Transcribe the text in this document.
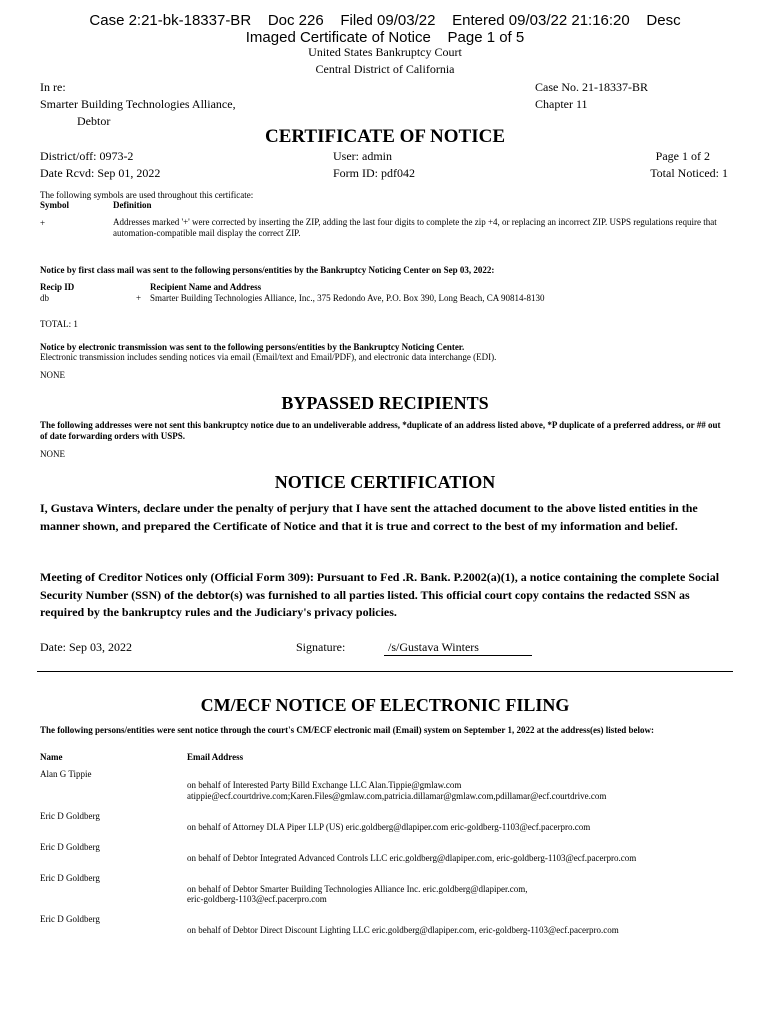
Case 2:21-bk-18337-BR    Doc 226    Filed 09/03/22    Entered 09/03/22 21:16:20    Desc
Imaged Certificate of Notice    Page 1 of 5
United States Bankruptcy Court
Central District of California
In re:
Smarter Building Technologies Alliance,
Debtor
Case No. 21-18337-BR
Chapter 11
CERTIFICATE OF NOTICE
District/off: 0973-2
Date Rcvd: Sep 01, 2022
User: admin
Form ID: pdf042
Page 1 of 2
Total Noticed: 1
The following symbols are used throughout this certificate:
Symbol	Definition
+	Addresses marked '+' were corrected by inserting the ZIP, adding the last four digits to complete the zip +4, or replacing an incorrect ZIP. USPS regulations require that automation-compatible mail display the correct ZIP.
Notice by first class mail was sent to the following persons/entities by the Bankruptcy Noticing Center on Sep 03, 2022:
Recip ID	Recipient Name and Address
db	+ Smarter Building Technologies Alliance, Inc., 375 Redondo Ave, P.O. Box 390, Long Beach, CA 90814-8130
TOTAL: 1
Notice by electronic transmission was sent to the following persons/entities by the Bankruptcy Noticing Center.
Electronic transmission includes sending notices via email (Email/text and Email/PDF), and electronic data interchange (EDI).
NONE
BYPASSED RECIPIENTS
The following addresses were not sent this bankruptcy notice due to an undeliverable address, *duplicate of an address listed above, *P duplicate of a preferred address, or ## out of date forwarding orders with USPS.
NONE
NOTICE CERTIFICATION
I, Gustava Winters, declare under the penalty of perjury that I have sent the attached document to the above listed entities in the manner shown, and prepared the Certificate of Notice and that it is true and correct to the best of my information and belief.
Meeting of Creditor Notices only (Official Form 309): Pursuant to Fed .R. Bank. P.2002(a)(1), a notice containing the complete Social Security Number (SSN) of the debtor(s) was furnished to all parties listed. This official court copy contains the redacted SSN as required by the bankruptcy rules and the Judiciary's privacy policies.
Date: Sep 03, 2022	Signature:	/s/Gustava Winters
CM/ECF NOTICE OF ELECTRONIC FILING
The following persons/entities were sent notice through the court's CM/ECF electronic mail (Email) system on September 1, 2022 at the address(es) listed below:
Name	Email Address
Alan G Tippie
on behalf of Interested Party Billd Exchange LLC Alan.Tippie@gmlaw.com
atippie@ecf.courtdrive.com;Karen.Files@gmlaw.com,patricia.dillamar@gmlaw.com,pdillamar@ecf.courtdrive.com
Eric D Goldberg
on behalf of Attorney DLA Piper LLP (US) eric.goldberg@dlapiper.com eric-goldberg-1103@ecf.pacerpro.com
Eric D Goldberg
on behalf of Debtor Integrated Advanced Controls LLC eric.goldberg@dlapiper.com, eric-goldberg-1103@ecf.pacerpro.com
Eric D Goldberg
on behalf of Debtor Smarter Building Technologies Alliance Inc. eric.goldberg@dlapiper.com,
eric-goldberg-1103@ecf.pacerpro.com
Eric D Goldberg
on behalf of Debtor Direct Discount Lighting LLC eric.goldberg@dlapiper.com, eric-goldberg-1103@ecf.pacerpro.com
